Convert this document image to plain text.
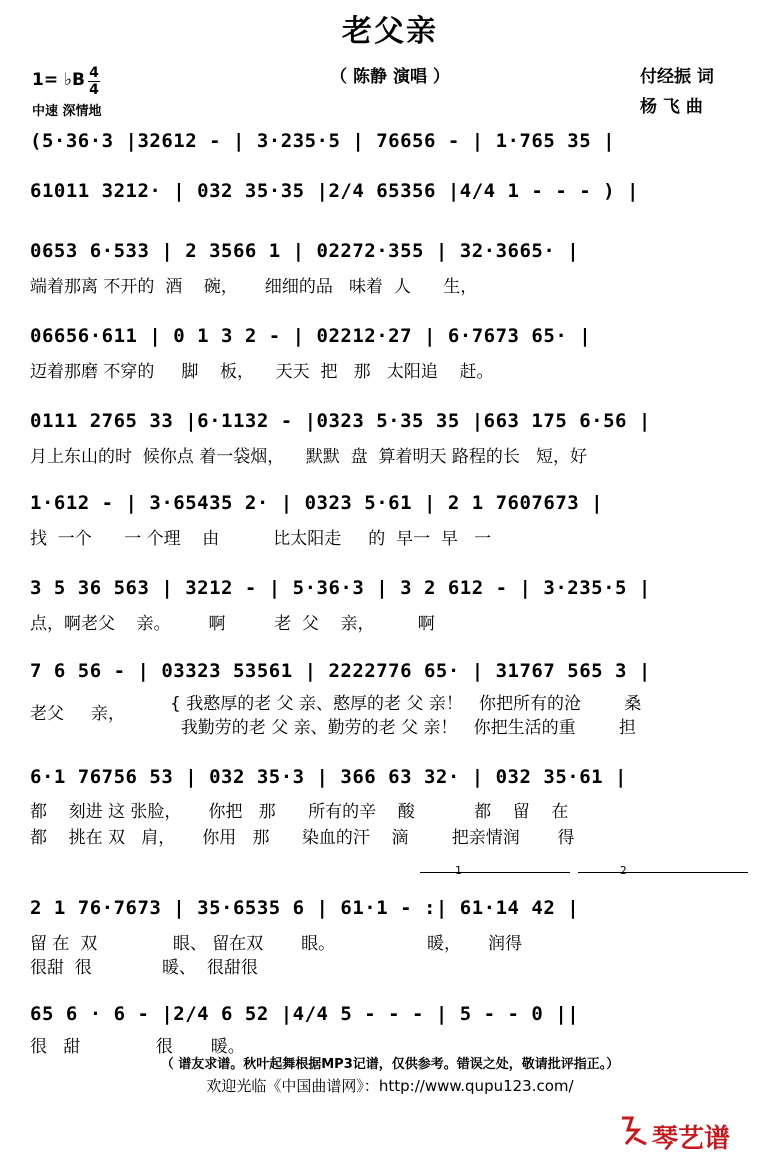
老父亲
（ 陈静 演唱 ）
1= ♭B 4
4
中速 深情地
付经振 词
杨 飞 曲
(5·36·3 |32612 - | 3·235·5 | 76656 - | 1·765 35 |
61011 3212· | 032 35·35 |2/4 65356 |4/4 1 - - - ) |
0653 6·533 | 2 3566 1 | 02272·355 | 32·3665· |
端着那离 不开的  酒    碗，     细细的品   味着  人      生，
06656·611 | 0 1 3 2 - | 02212·27 | 6·7673 65· |
迈着那磨 不穿的     脚    板，    天天  把   那   太阳追    赶。
0111 2765 33 |6·1132 - |0323 5·35 35 |663 175 6·56 |
月上东山的时  候你点 着一袋烟，    默默  盘  算着明天 路程的长   短，好
1·612 - | 3·65435 2· | 0323 5·61 | 2 1 7607673 |
找  一个      一 个理    由          比太阳走     的  早一  早   一
3 5 36 563 | 3212 - | 5·36·3 | 3 2 612 - | 3·235·5 |
点，啊老父    亲。       啊         老  父    亲，        啊
7 6 56 - | 03323 53561 | 2222776 65· | 31767 565 3 |
老父     亲，	{ 我憨厚的老 父 亲、憨厚的老 父 亲！   你把所有的沧        桑
我勤劳的老 父 亲、勤劳的老 父 亲！   你把生活的重        担
6·1 76756 53 | 032 35·3 | 366 63 32· | 032 35·61 |
都    刻进 这 张脸，     你把   那      所有的辛    酸           都    留    在
都    挑在 双   肩，     你用   那      染血的汗    滴        把亲情润       得
1	2
2 1 76·7673 | 35·6535 6 | 61·1 - :| 61·14 42 |
留 在  双              眼、 留在双       眼。                 暖，     润得
很甜  很             暖、  很甜很
65 6 · 6 - |2/4 6 52 |4/4 5 - - - | 5 - - 0 ||
很   甜              很       暖。
（ 谱友求谱。秋叶起舞根据MP3记谱，仅供参考。错误之处，敬请批评指正。）
欢迎光临《中国曲谱网》：http://www.qupu123.com/
琴艺谱
